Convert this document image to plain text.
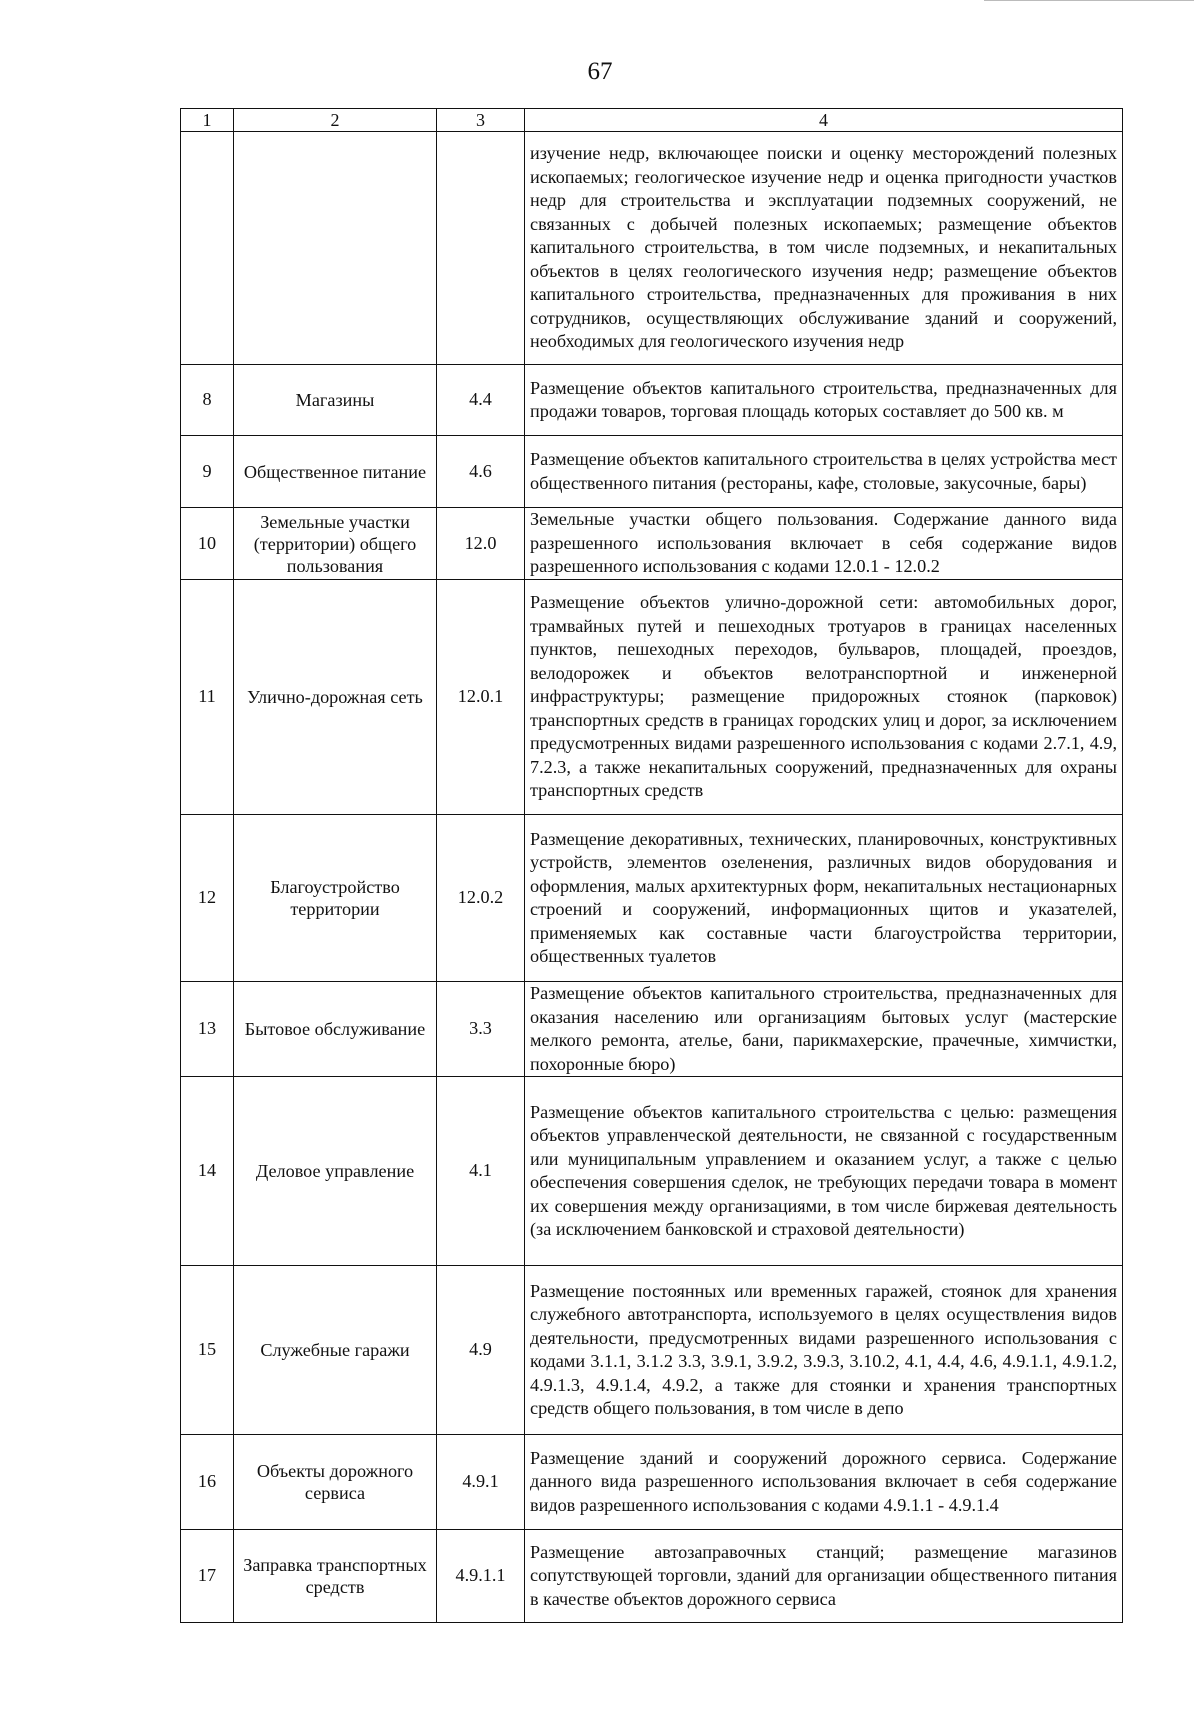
67
1	2	3	4
			изучение недр, включающее поиски и оценку месторождений полезных ископаемых; геологическое изучение недр и оценка пригодности участков недр для строительства и эксплуатации подземных сооружений, не связанных с добычей полезных ископаемых; размещение объектов капитального строительства, в том числе подземных, и некапитальных объектов в целях геологического изучения недр; размещение объектов капитального строительства, предназначенных для проживания в них сотрудников, осуществляющих обслуживание зданий и сооружений, необходимых для геологического изучения недр
8	Магазины	4.4	Размещение объектов капитального строительства, предназначенных для продажи товаров, торговая площадь которых составляет до 500 кв. м
9	Общественное питание	4.6	Размещение объектов капитального строительства в целях устройства мест общественного питания (рестораны, кафе, столовые, закусочные, бары)
10	Земельные участки (территории) общего пользования	12.0	Земельные участки общего пользования. Содержание данного вида разрешенного использования включает в себя содержание видов разрешенного использования с кодами 12.0.1 - 12.0.2
11	Улично-дорожная сеть	12.0.1	Размещение объектов улично-дорожной сети: автомобильных дорог, трамвайных путей и пешеходных тротуаров в границах населенных пунктов, пешеходных переходов, бульваров, площадей, проездов, велодорожек и объектов велотранспортной и инженерной инфраструктуры; размещение придорожных стоянок (парковок) транспортных средств в границах городских улиц и дорог, за исключением предусмотренных видами разрешенного использования с кодами 2.7.1, 4.9, 7.2.3, а также некапитальных сооружений, предназначенных для охраны транспортных средств
12	Благоустройство территории	12.0.2	Размещение декоративных, технических, планировочных, конструктивных устройств, элементов озеленения, различных видов оборудования и оформления, малых архитектурных форм, некапитальных нестационарных строений и сооружений, информационных щитов и указателей, применяемых как составные части благоустройства территории, общественных туалетов
13	Бытовое обслуживание	3.3	Размещение объектов капитального строительства, предназначенных для оказания населению или организациям бытовых услуг (мастерские мелкого ремонта, ателье, бани, парикмахерские, прачечные, химчистки, похоронные бюро)
14	Деловое управление	4.1	Размещение объектов капитального строительства с целью: размещения объектов управленческой деятельности, не связанной с государственным или муниципальным управлением и оказанием услуг, а также с целью обеспечения совершения сделок, не требующих передачи товара в момент их совершения между организациями, в том числе биржевая деятельность (за исключением банковской и страховой деятельности)
15	Служебные гаражи	4.9	Размещение постоянных или временных гаражей, стоянок для хранения служебного автотранспорта, используемого в целях осуществления видов деятельности, предусмотренных видами разрешенного использования с кодами 3.1.1, 3.1.2 3.3, 3.9.1, 3.9.2, 3.9.3, 3.10.2, 4.1, 4.4, 4.6, 4.9.1.1, 4.9.1.2, 4.9.1.3, 4.9.1.4, 4.9.2, а также для стоянки и хранения транспортных средств общего пользования, в том числе в депо
16	Объекты дорожного сервиса	4.9.1	Размещение зданий и сооружений дорожного сервиса. Содержание данного вида разрешенного использования включает в себя содержание видов разрешенного использования с кодами 4.9.1.1 - 4.9.1.4
17	Заправка транспортных средств	4.9.1.1	Размещение автозаправочных станций; размещение магазинов сопутствующей торговли, зданий для организации общественного питания в качестве объектов дорожного сервиса
